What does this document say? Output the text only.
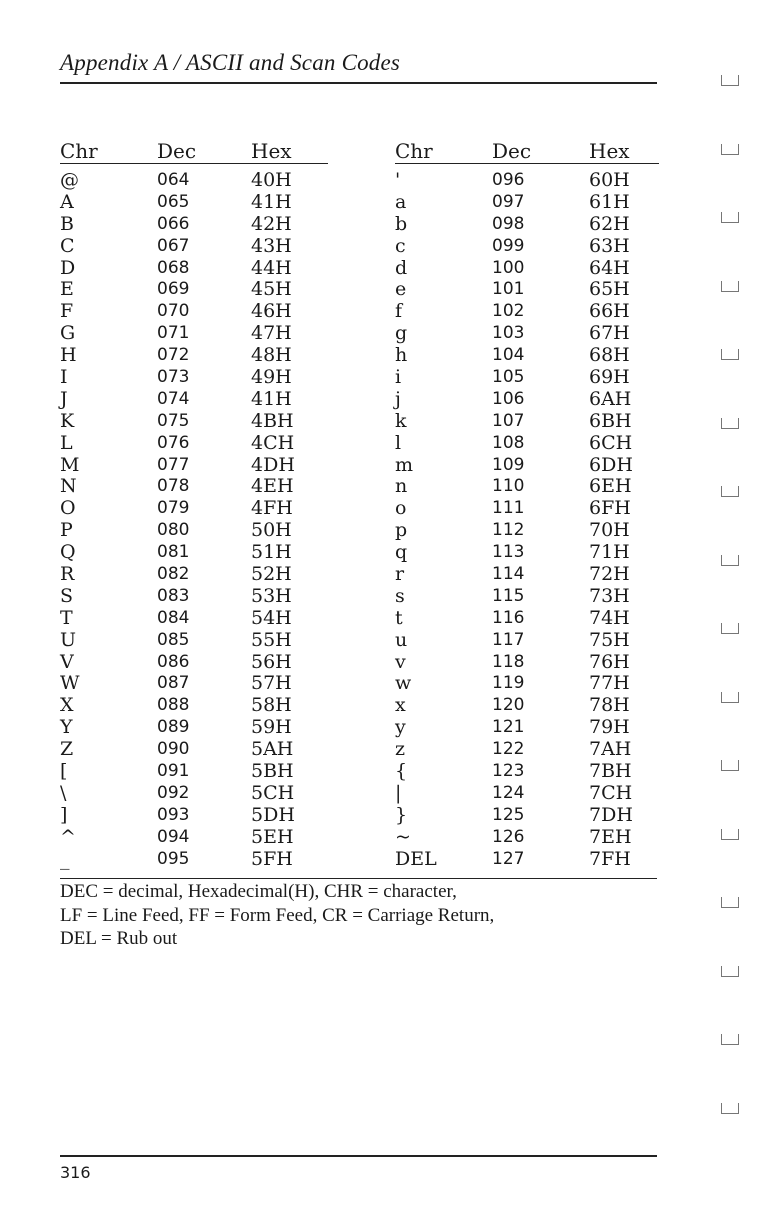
Appendix A / ASCII and Scan Codes
Chr	Dec	Hex
@	064	40H
A	065	41H
B	066	42H
C	067	43H
D	068	44H
E	069	45H
F	070	46H
G	071	47H
H	072	48H
I	073	49H
J	074	41H
K	075	4BH
L	076	4CH
M	077	4DH
N	078	4EH
O	079	4FH
P	080	50H
Q	081	51H
R	082	52H
S	083	53H
T	084	54H
U	085	55H
V	086	56H
W	087	57H
X	088	58H
Y	089	59H
Z	090	5AH
[	091	5BH
\	092	5CH
]	093	5DH
^	094	5EH
_	095	5FH
Chr	Dec	Hex
'	096	60H
a	097	61H
b	098	62H
c	099	63H
d	100	64H
e	101	65H
f	102	66H
g	103	67H
h	104	68H
i	105	69H
j	106	6AH
k	107	6BH
l	108	6CH
m	109	6DH
n	110	6EH
o	111	6FH
p	112	70H
q	113	71H
r	114	72H
s	115	73H
t	116	74H
u	117	75H
v	118	76H
w	119	77H
x	120	78H
y	121	79H
z	122	7AH
{	123	7BH
|	124	7CH
}	125	7DH
~	126	7EH
DEL	127	7FH
DEC = decimal, Hexadecimal(H), CHR = character,
LF = Line Feed, FF = Form Feed, CR = Carriage Return,
DEL = Rub out
316
